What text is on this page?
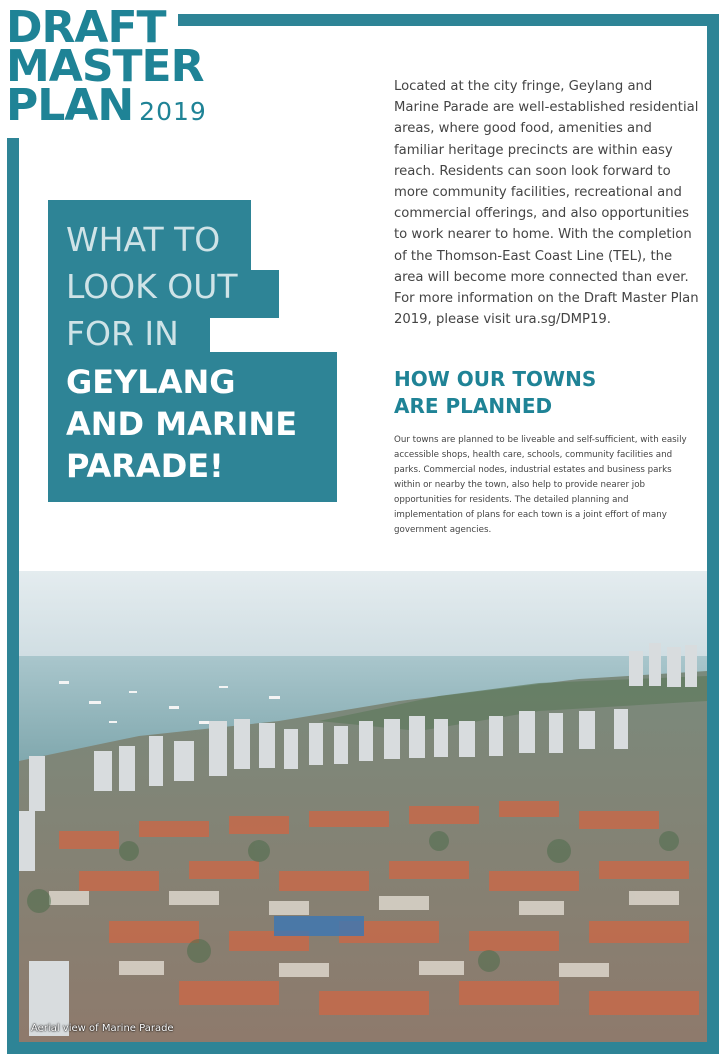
DRAFT
MASTER
PLAN 2019

Located at the city fringe, Geylang and Marine Parade are well-established residential areas, where good food, amenities and familiar heritage precincts are within easy reach. Residents can soon look forward to more community facilities, recreational and commercial offerings, and also opportunities to work nearer to home. With the completion of the Thomson-East Coast Line (TEL), the area will become more connected than ever. For more information on the Draft Master Plan 2019, please visit ura.sg/DMP19.

WHAT TO
LOOK OUT
FOR IN
GEYLANG
AND MARINE
PARADE!
HOW OUR TOWNS
ARE PLANNED

Our towns are planned to be liveable and self-sufficient, with easily accessible shops, health care, schools, community facilities and parks. Commercial nodes, industrial estates and business parks within or nearby the town, also help to provide nearer job opportunities for residents. The detailed planning and implementation of plans for each town is a joint effort of many government agencies.

Aerial view of Marine Parade
